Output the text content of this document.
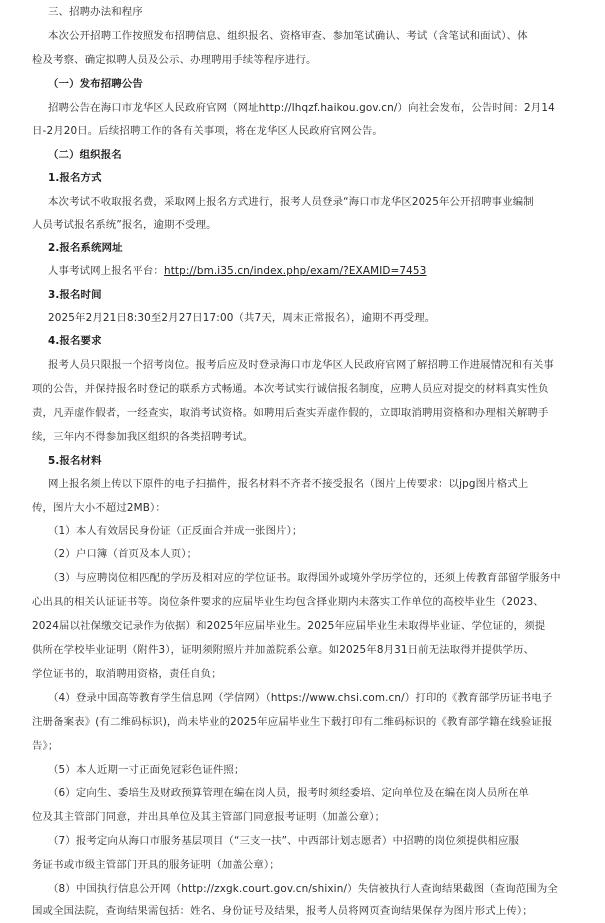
三、招聘办法和程序
本次公开招聘工作按照发布招聘信息、组织报名、资格审查、参加笔试确认、考试（含笔试和面试）、体
检及考察、确定拟聘人员及公示、办理聘用手续等程序进行。
（一）发布招聘公告
招聘公告在海口市龙华区人民政府官网（网址http://lhqzf.haikou.gov.cn/）向社会发布，公告时间：2月14
日-2月20日。后续招聘工作的各有关事项，将在龙华区人民政府官网公告。
（二）组织报名
1.报名方式
本次考试不收取报名费，采取网上报名方式进行，报考人员登录“海口市龙华区2025年公开招聘事业编制
人员考试报名系统”报名，逾期不受理。
2.报名系统网址
人事考试网上报名平台：http://bm.i35.cn/index.php/exam/?EXAMID=7453
3.报名时间
2025年2月21日8:30至2月27日17:00（共7天，周末正常报名），逾期不再受理。
4.报名要求
报考人员只限报一个招考岗位。报考后应及时登录海口市龙华区人民政府官网了解招聘工作进展情况和有关事
项的公告，并保持报名时登记的联系方式畅通。本次考试实行诚信报名制度，应聘人员应对提交的材料真实性负
责，凡弄虚作假者，一经查实，取消考试资格。如聘用后查实弄虚作假的，立即取消聘用资格和办理相关解聘手
续，三年内不得参加我区组织的各类招聘考试。
5.报名材料
网上报名须上传以下原件的电子扫描件，报名材料不齐者不接受报名（图片上传要求：以jpg图片格式上
传，图片大小不超过2MB）：
（1）本人有效居民身份证（正反面合并成一张图片）；
（2）户口簿（首页及本人页）；
（3）与应聘岗位相匹配的学历及相对应的学位证书。取得国外或境外学历学位的，还须上传教育部留学服务中
心出具的相关认证证书等。岗位条件要求的应届毕业生均包含择业期内未落实工作单位的高校毕业生（2023、
2024届以社保缴交记录作为依据）和2025年应届毕业生。2025年应届毕业生未取得毕业证、学位证的，须提
供所在学校毕业证明（附件3），证明须附照片并加盖院系公章。如2025年8月31日前无法取得并提供学历、
学位证书的，取消聘用资格，责任自负；
（4）登录中国高等教育学生信息网（学信网）（https://www.chsi.com.cn/）打印的《教育部学历证书电子
注册备案表》(有二维码标识)，尚未毕业的2025年应届毕业生下载打印有二维码标识的《教育部学籍在线验证报
告》；
（5）本人近期一寸正面免冠彩色证件照；
（6）定向生、委培生及财政预算管理在编在岗人员，报考时须经委培、定向单位及在编在岗人员所在单
位及其主管部门同意，并出具单位及其主管部门同意报考证明（加盖公章）；
（7）报考定向从海口市服务基层项目（“三支一扶”、中西部计划志愿者）中招聘的岗位须提供相应服
务证书或市级主管部门开具的服务证明（加盖公章）；
（8）中国执行信息公开网（http://zxgk.court.gov.cn/shixin/）失信被执行人查询结果截图（查询范围为全
国或全国法院，查询结果需包括：姓名、身份证号及结果，报考人员将网页查询结果保存为图片形式上传）；
